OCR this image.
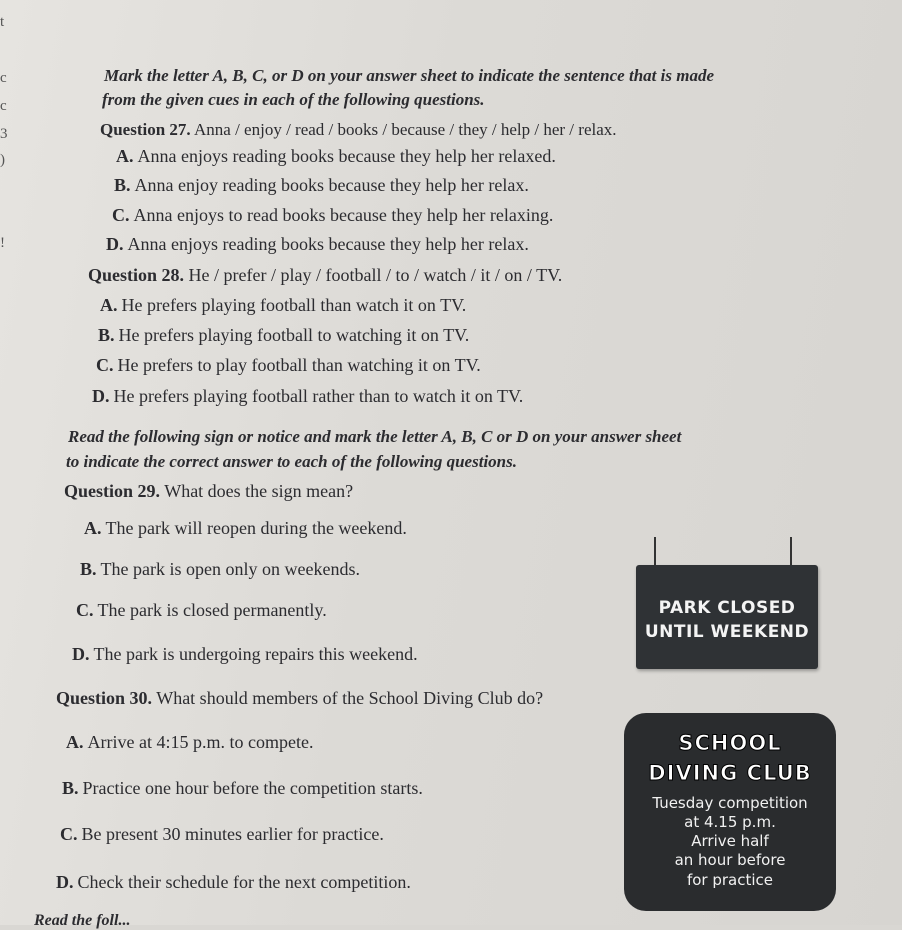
t
c
c
3
)
!
Mark the letter A, B, C, or D on your answer sheet to indicate the sentence that is made
from the given cues in each of the following questions.
Question 27. Anna / enjoy / read / books / because / they / help / her / relax.
A. Anna enjoys reading books because they help her relaxed.
B. Anna enjoy reading books because they help her relax.
C. Anna enjoys to read books because they help her relaxing.
D. Anna enjoys reading books because they help her relax.
Question 28. He / prefer / play / football / to / watch / it / on / TV.
A. He prefers playing football than watch it on TV.
B. He prefers playing football to watching it on TV.
C. He prefers to play football than watching it on TV.
D. He prefers playing football rather than to watch it on TV.
Read the following sign or notice and mark the letter A, B, C or D on your answer sheet
to indicate the correct answer to each of the following questions.
Question 29. What does the sign mean?
A. The park will reopen during the weekend.
B. The park is open only on weekends.
C. The park is closed permanently.
D. The park is undergoing repairs this weekend.
PARK CLOSED
UNTIL WEEKEND
Question 30. What should members of the School Diving Club do?
A. Arrive at 4:15 p.m. to compete.
B. Practice one hour before the competition starts.
C. Be present 30 minutes earlier for practice.
D. Check their schedule for the next competition.
SCHOOL
DIVING CLUB
Tuesday competition
at 4.15 p.m.
Arrive half
an hour before
for practice
Read the foll...
